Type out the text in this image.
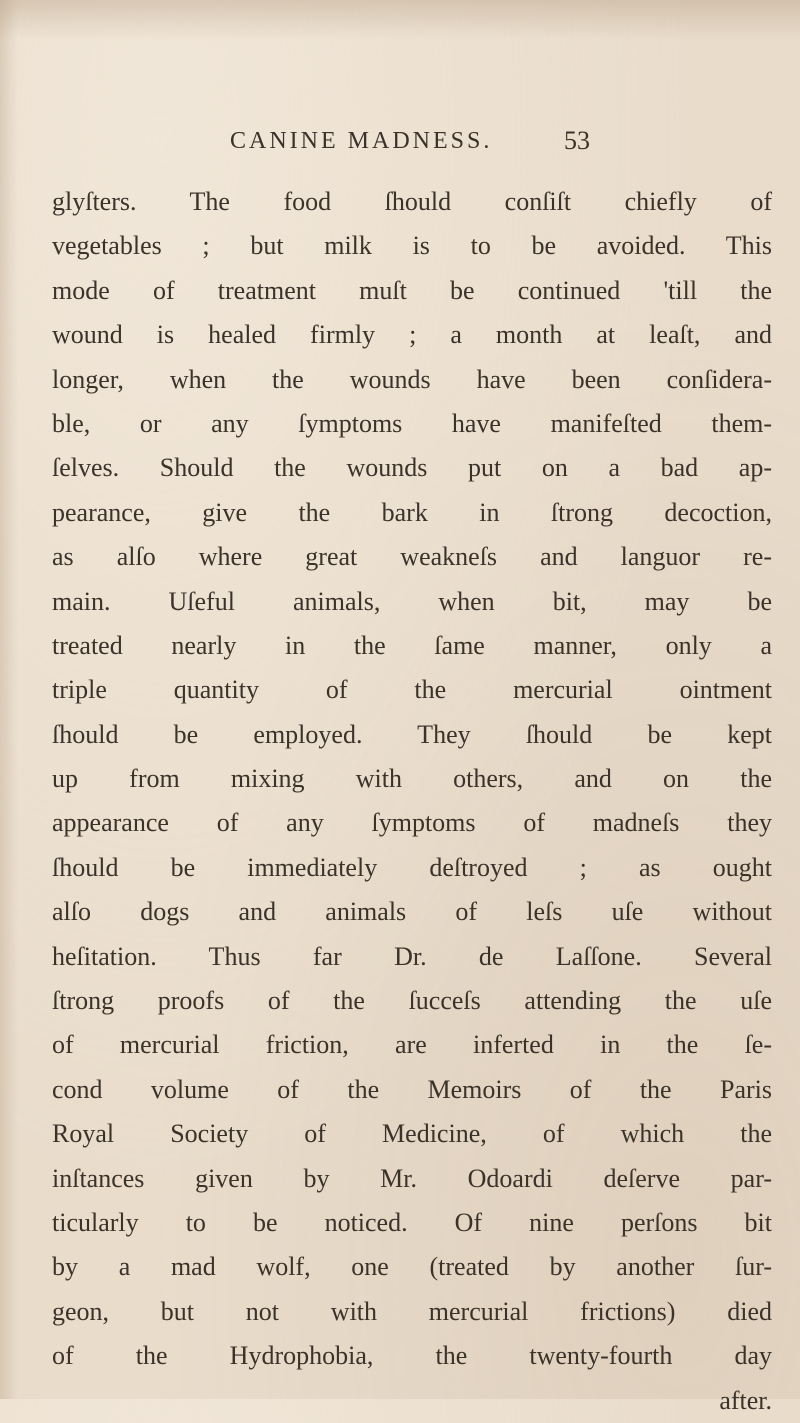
CANINE MADNESS.	53
glyſters. The food ſhould conſiſt chiefly of
vegetables ; but milk is to be avoided. This
mode of treatment muſt be continued 'till the
wound is healed firmly ; a month at leaſt, and
longer, when the wounds have been conſidera-
ble, or any ſymptoms have manifeſted them-
ſelves. Should the wounds put on a bad ap-
pearance, give the bark in ſtrong decoction,
as alſo where great weakneſs and languor re-
main. Uſeful animals, when bit, may be
treated nearly in the ſame manner, only a
triple quantity of the mercurial ointment
ſhould be employed. They ſhould be kept
up from mixing with others, and on the
appearance of any ſymptoms of madneſs they
ſhould be immediately deſtroyed ; as ought
alſo dogs and animals of leſs uſe without
heſitation. Thus far Dr. de Laſſone. Several
ſtrong proofs of the ſucceſs attending the uſe
of mercurial friction, are inferted in the ſe-
cond volume of the Memoirs of the Paris
Royal Society of Medicine, of which the
inſtances given by Mr. Odoardi deſerve par-
ticularly to be noticed. Of nine perſons bit
by a mad wolf, one (treated by another ſur-
geon, but not with mercurial frictions) died
of the Hydrophobia, the twenty-fourth day
after.
